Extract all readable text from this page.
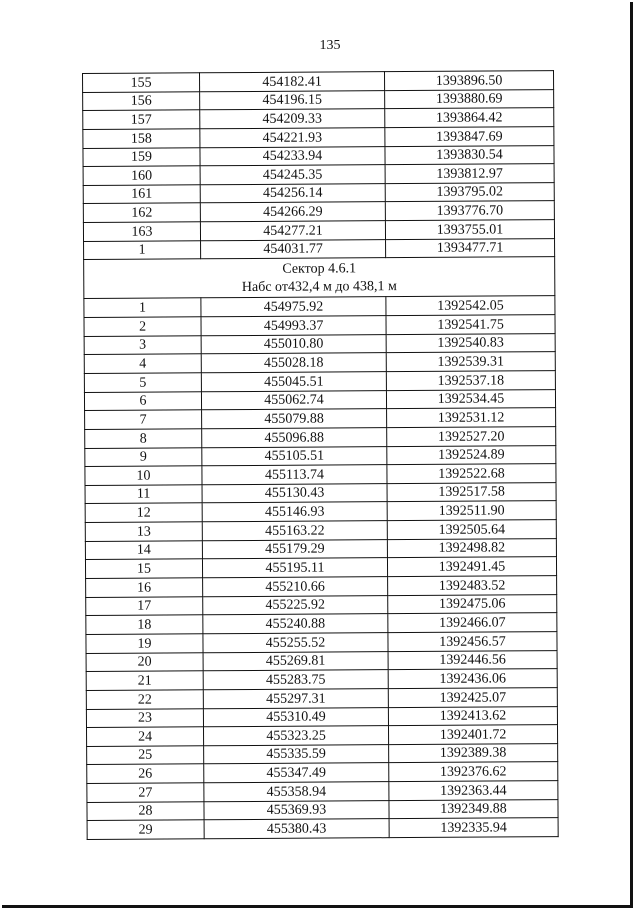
135
155	454182.41	1393896.50
156	454196.15	1393880.69
157	454209.33	1393864.42
158	454221.93	1393847.69
159	454233.94	1393830.54
160	454245.35	1393812.97
161	454256.14	1393795.02
162	454266.29	1393776.70
163	454277.21	1393755.01
1	454031.77	1393477.71

Сектор 4.6.1
Набс от432,4 м до 438,1 м		

1	454975.92	1392542.05
2	454993.37	1392541.75
3	455010.80	1392540.83
4	455028.18	1392539.31
5	455045.51	1392537.18
6	455062.74	1392534.45
7	455079.88	1392531.12
8	455096.88	1392527.20
9	455105.51	1392524.89
10	455113.74	1392522.68
11	455130.43	1392517.58
12	455146.93	1392511.90
13	455163.22	1392505.64
14	455179.29	1392498.82
15	455195.11	1392491.45
16	455210.66	1392483.52
17	455225.92	1392475.06
18	455240.88	1392466.07
19	455255.52	1392456.57
20	455269.81	1392446.56
21	455283.75	1392436.06
22	455297.31	1392425.07
23	455310.49	1392413.62
24	455323.25	1392401.72
25	455335.59	1392389.38
26	455347.49	1392376.62
27	455358.94	1392363.44
28	455369.93	1392349.88
29	455380.43	1392335.94
